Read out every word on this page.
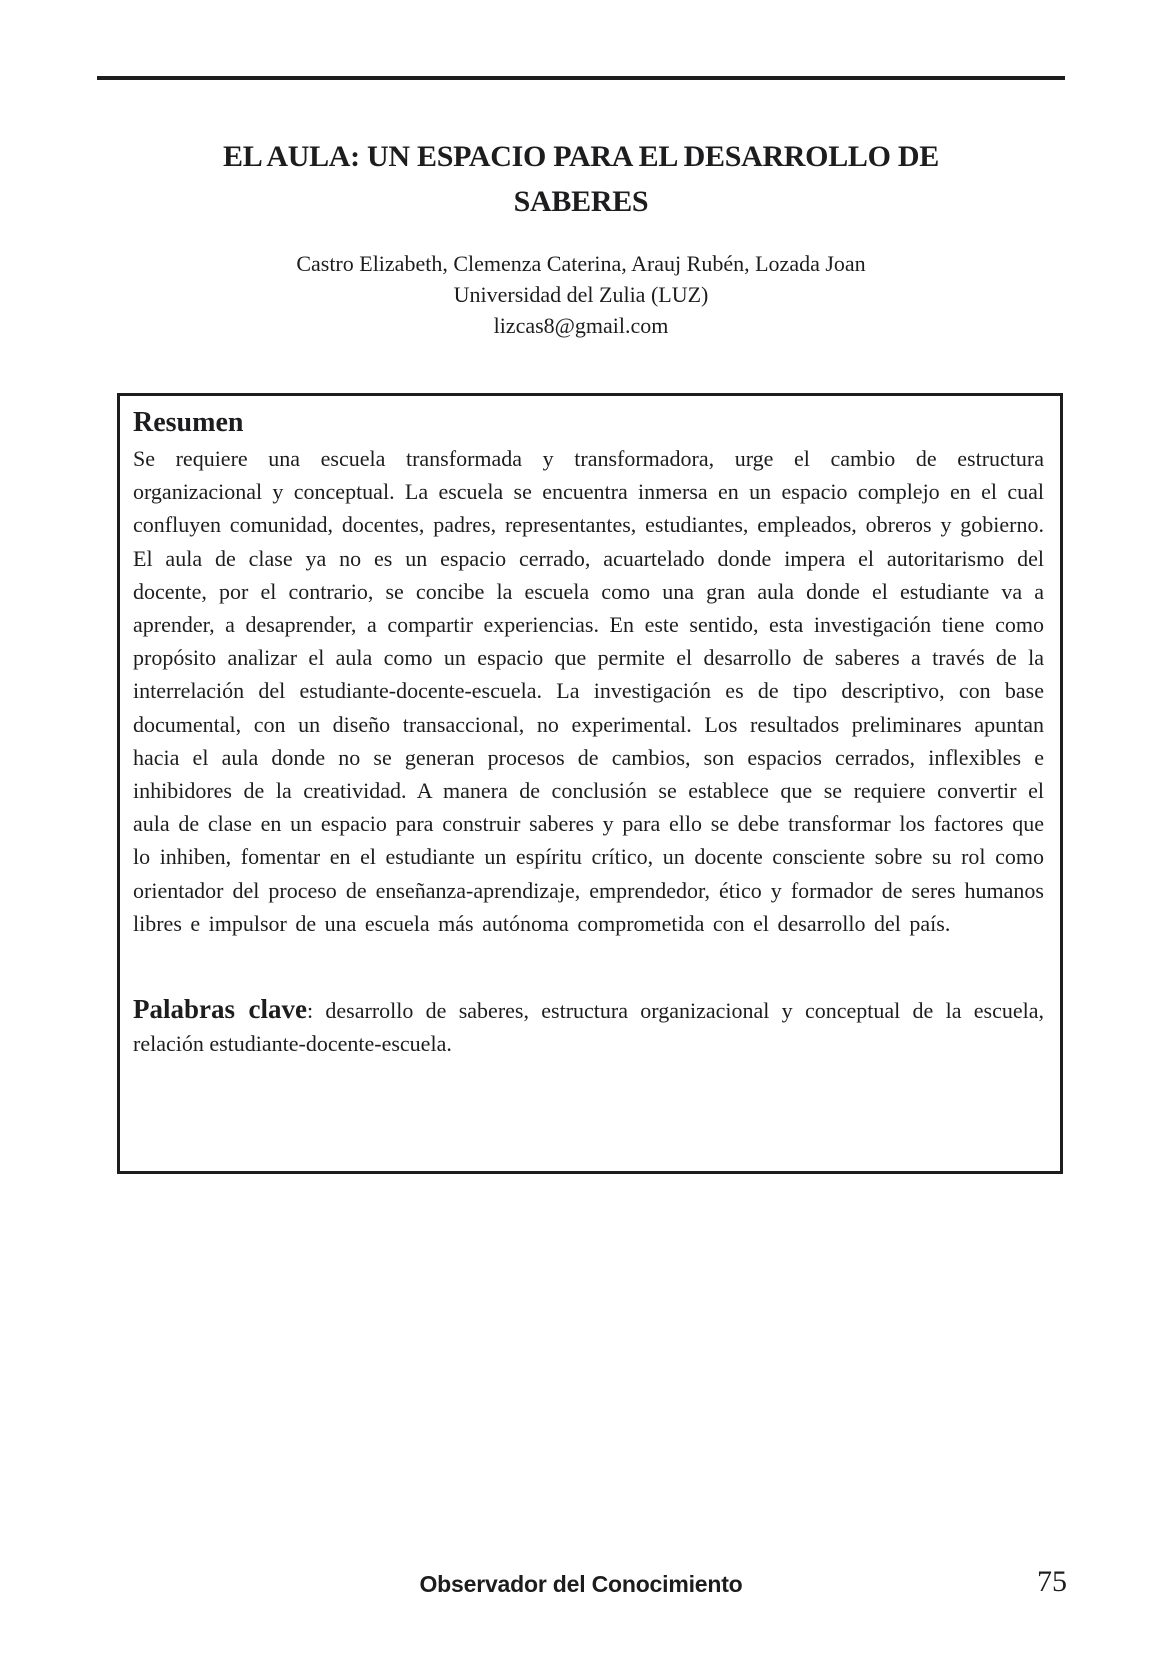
EL AULA: UN ESPACIO PARA EL DESARROLLO DE
SABERES
Castro Elizabeth, Clemenza Caterina, Arauj Rubén, Lozada Joan
Universidad del Zulia (LUZ)
lizcas8@gmail.com
Resumen

Se requiere una escuela transformada y transformadora, urge el cambio de estructura organizacional y conceptual. La escuela se encuentra inmersa en un espacio complejo en el cual confluyen comunidad, docentes, padres, representantes, estudiantes, empleados, obreros y gobierno. El aula de clase ya no es un espacio cerrado, acuartelado donde impera el autoritarismo del docente, por el contrario, se concibe la escuela como una gran aula donde el estudiante va a aprender, a desaprender, a compartir experiencias. En este sentido, esta investigación tiene como propósito analizar el aula como un espacio que permite el desarrollo de saberes a través de la interrelación del estudiante-docente-escuela. La investigación es de tipo descriptivo, con base documental, con un diseño transaccional, no experimental. Los resultados preliminares apuntan hacia el aula donde no se generan procesos de cambios, son espacios cerrados, inflexibles e inhibidores de la creatividad. A manera de conclusión se establece que se requiere convertir el aula de clase en un espacio para construir saberes y para ello se debe transformar los factores que lo inhiben, fomentar en el estudiante un espíritu crítico, un docente consciente sobre su rol como orientador del proceso de enseñanza-aprendizaje, emprendedor, ético y formador de seres humanos libres e impulsor de una escuela más autónoma comprometida con el desarrollo del país.

Palabras clave: desarrollo de saberes, estructura organizacional y conceptual de la escuela, relación estudiante-docente-escuela.

Observador del Conocimiento	75
